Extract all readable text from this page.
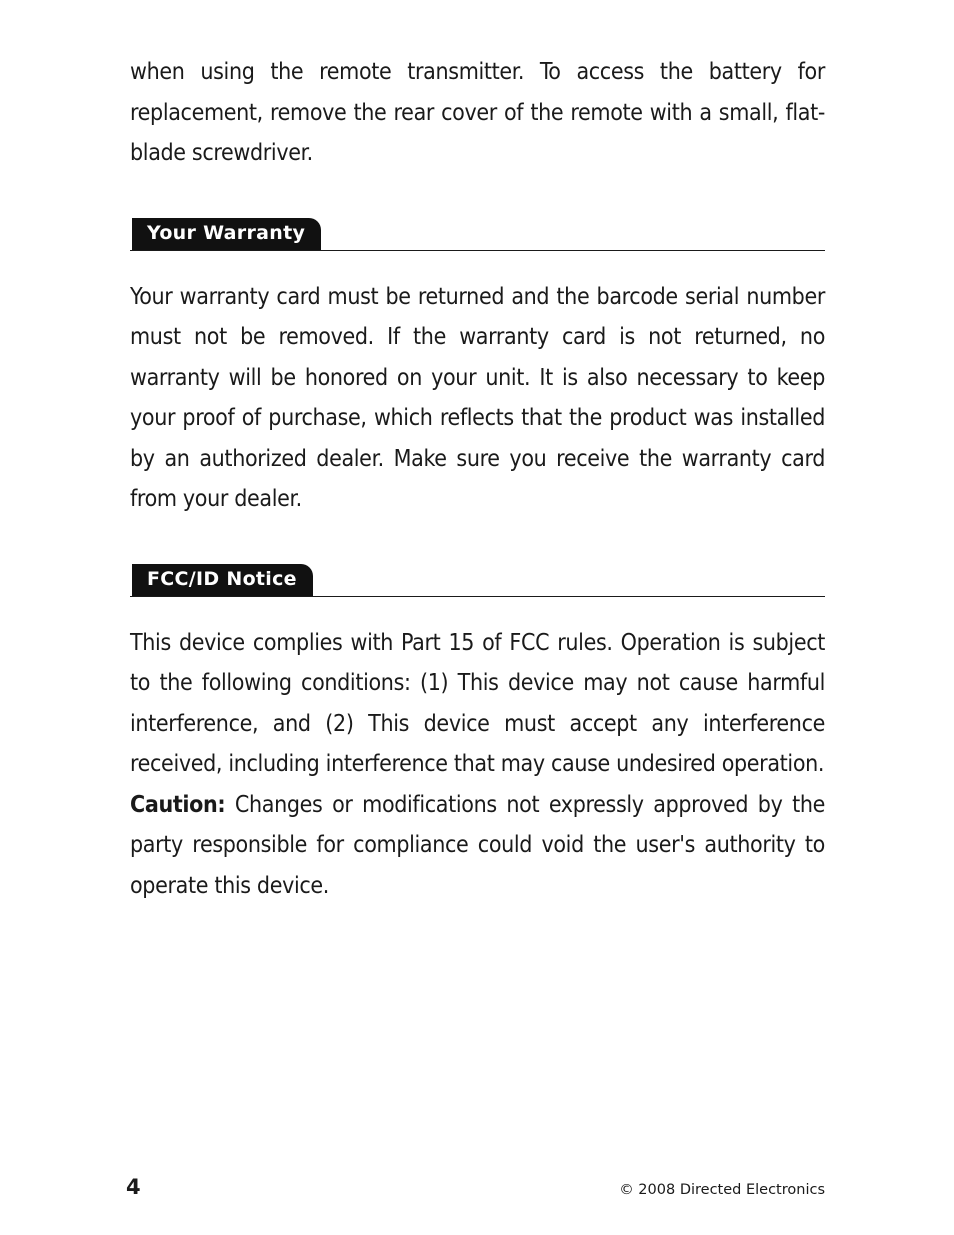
when using the remote transmitter. To access the battery for replacement, remove the rear cover of the remote with a small, flat-blade screwdriver.

Your Warranty

Your warranty card must be returned and the barcode serial number must not be removed. If the warranty card is not returned, no warranty will be honored on your unit. It is also necessary to keep your proof of purchase, which reflects that the product was installed by an authorized dealer. Make sure you receive the warranty card from your dealer.

FCC/ID Notice

This device complies with Part 15 of FCC rules. Operation is subject to the following conditions: (1) This device may not cause harmful interference, and (2) This device must accept any interference received, including interference that may cause undesired operation.

Caution: Changes or modifications not expressly approved by the party responsible for compliance could void the user's authority to operate this device.

4	© 2008 Directed Electronics
